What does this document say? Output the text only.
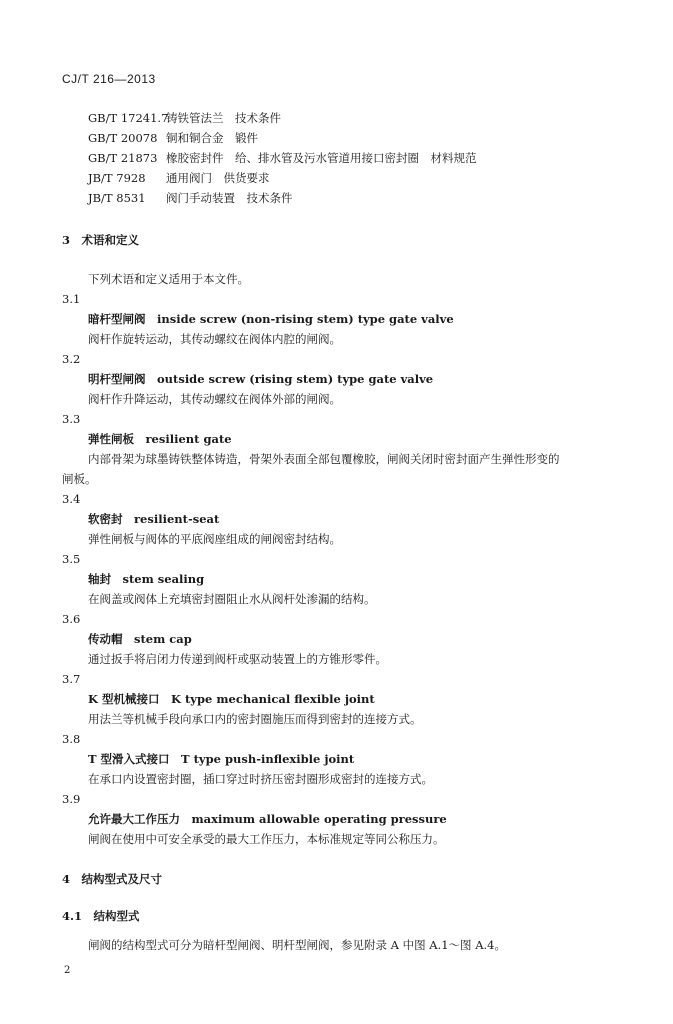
CJ/T 216—2013
GB/T 17241.7铸铁管法兰　技术条件
GB/T 20078 铜和铜合金　锻件
GB/T 21873 橡胶密封件　给、排水管及污水管道用接口密封圈　材料规范
JB/T 7928 通用阀门　供货要求
JB/T 8531 阀门手动装置　技术条件
3　术语和定义
下列术语和定义适用于本文件。
3.1
暗杆型闸阀　inside screw (non-rising stem) type gate valve
阀杆作旋转运动，其传动螺纹在阀体内腔的闸阀。
3.2
明杆型闸阀　outside screw (rising stem) type gate valve
阀杆作升降运动，其传动螺纹在阀体外部的闸阀。
3.3
弹性闸板　resilient gate
内部骨架为球墨铸铁整体铸造，骨架外表面全部包覆橡胶，闸阀关闭时密封面产生弹性形变的
闸板。
3.4
软密封　resilient-seat
弹性闸板与阀体的平底阀座组成的闸阀密封结构。
3.5
轴封　stem sealing
在阀盖或阀体上充填密封圈阻止水从阀杆处渗漏的结构。
3.6
传动帽　stem cap
通过扳手将启闭力传递到阀杆或驱动装置上的方锥形零件。
3.7
K 型机械接口　K type mechanical flexible joint
用法兰等机械手段向承口内的密封圈施压而得到密封的连接方式。
3.8
T 型滑入式接口　T type push-inflexible joint
在承口内设置密封圈，插口穿过时挤压密封圈形成密封的连接方式。
3.9
允许最大工作压力　maximum allowable operating pressure
闸阀在使用中可安全承受的最大工作压力，本标准规定等同公称压力。
4　结构型式及尺寸
4.1　结构型式
闸阀的结构型式可分为暗杆型闸阀、明杆型闸阀，参见附录 A 中图 A.1～图 A.4。
2
